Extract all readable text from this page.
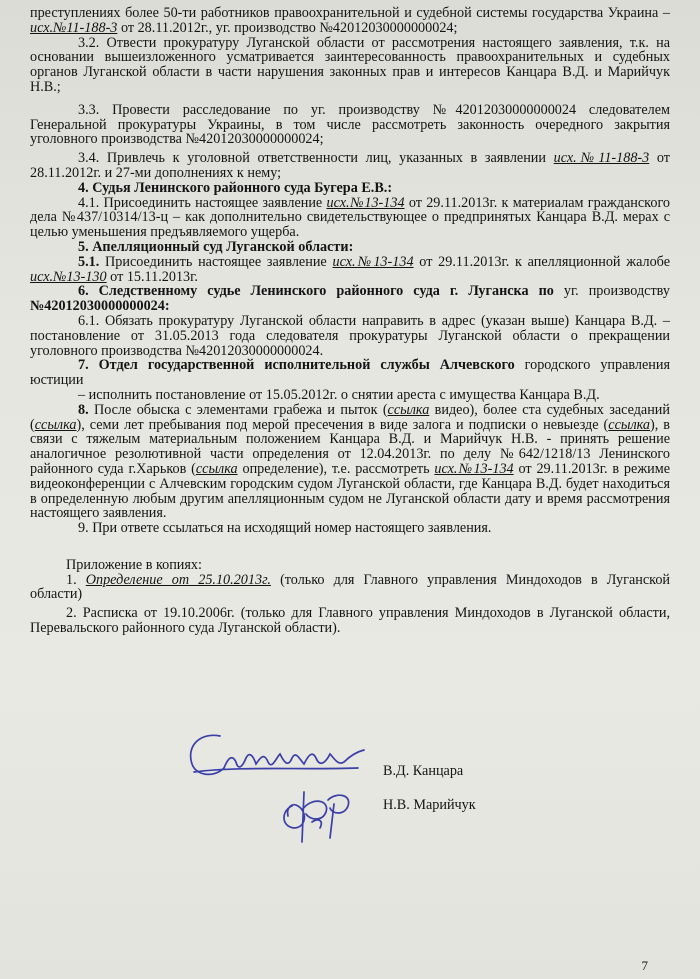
преступлениях более 50-ти работников правоохранительной и судебной системы государства Украина – исх.№11-188-3 от 28.11.2012г., уг. производство №42012030000000024;

3.2. Отвести прокуратуру Луганской области от рассмотрения настоящего заявления, т.к. на основании вышеизложенного усматривается заинтересованность правоохранительных и судебных органов Луганской области в части нарушения законных прав и интересов Канцара В.Д. и Марийчук Н.В.;

3.3. Провести расследование по уг. производству №42012030000000024 следователем Генеральной прокуратуры Украины, в том числе рассмотреть законность очередного закрытия уголовного производства №42012030000000024;

3.4. Привлечь к уголовной ответственности лиц, указанных в заявлении исх.№11-188-3 от 28.11.2012г. и 27-ми дополнениях к нему;

4. Судья Ленинского районного суда Бугера Е.В.:

4.1. Присоединить настоящее заявление исх.№13-134 от 29.11.2013г. к материалам гражданского дела №437/10314/13-ц – как дополнительно свидетельствующее о предпринятых Канцара В.Д. мерах с целью уменьшения предъявляемого ущерба.

5. Апелляционный суд Луганской области:

5.1. Присоединить настоящее заявление исх.№13-134 от 29.11.2013г. к апелляционной жалобе исх.№13-130 от 15.11.2013г.

6. Следственному судье Ленинского районного суда г. Луганска по уг. производству №42012030000000024:

6.1. Обязать прокуратуру Луганской области направить в адрес (указан выше) Канцара В.Д. – постановление от 31.05.2013 года следователя прокуратуры Луганской области о прекращении уголовного производства №42012030000000024.

7. Отдел государственной исполнительной службы Алчевского городского управления юстиции

– исполнить постановление от 15.05.2012г. о снятии ареста с имущества Канцара В.Д.

8. После обыска с элементами грабежа и пыток (ссылка видео), более ста судебных заседаний (ссылка), семи лет пребывания под мерой пресечения в виде залога и подписки о невыезде (ссылка), в связи с тяжелым материальным положением Канцара В.Д. и Марийчук Н.В. - принять решение аналогичное резолютивной части определения от 12.04.2013г. по делу №642/1218/13 Ленинского районного суда г.Харьков (ссылка определение), т.е. рассмотреть исх.№13-134 от 29.11.2013г. в режиме видеоконференции с Алчевским городским судом Луганской области, где Канцара В.Д. будет находиться в определенную любым другим апелляционным судом не Луганской области дату и время рассмотрения настоящего заявления.

9. При ответе ссылаться на исходящий номер настоящего заявления.

Приложение в копиях:

1. Определение от 25.10.2013г. (только для Главного управления Миндоходов в Луганской области)

2. Расписка от 19.10.2006г. (только для Главного управления Миндоходов в Луганской области, Перевальского районного суда Луганской области).

В.Д. Канцара
Н.В. Марийчук
7
